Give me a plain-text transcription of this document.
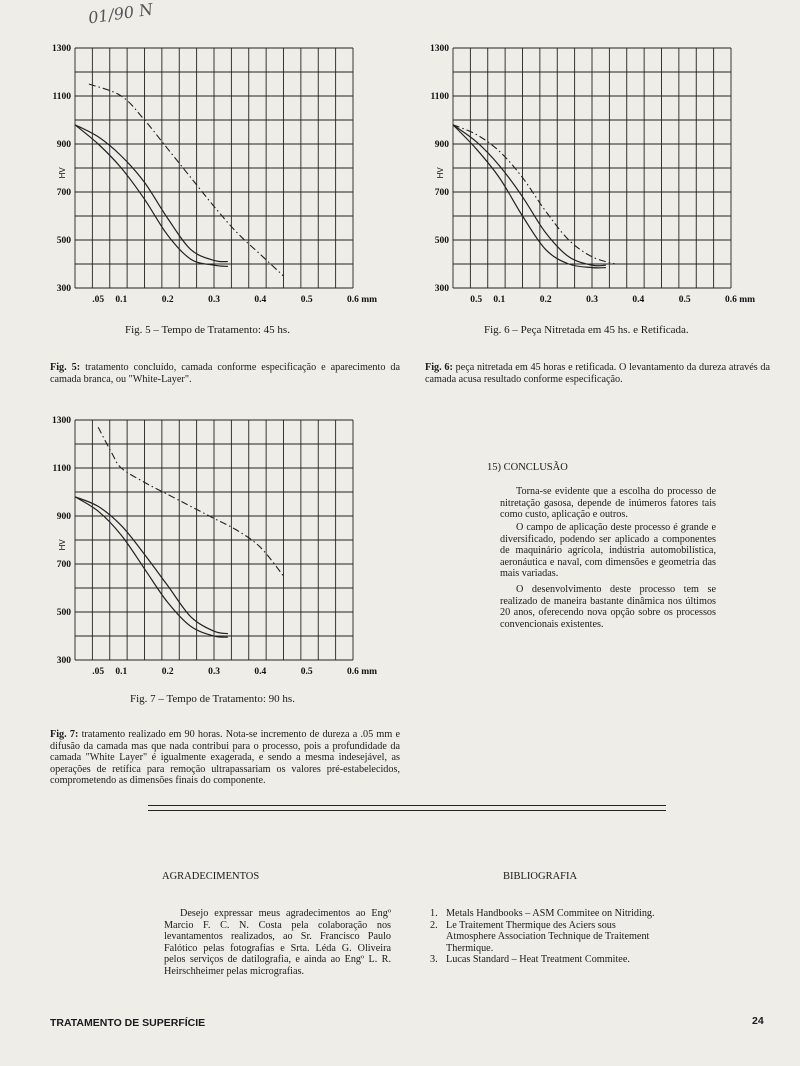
01/90 N
300
500
700
900
1100
1300
HV
.05 0.1	0.2	0.3	0.4	0.5	0.6 mm
Fig. 5 – Tempo de Tratamento: 45 hs.
300
500
700
900
1100
1300
HV
0.5 0.1	0.2	0.3	0.4	0.5	0.6 mm
Fig. 6 – Peça Nitretada em 45 hs. e Retificada.
Fig. 5: tratamento concluído, camada conforme especificação e aparecimento da camada branca, ou "White-Layer".
Fig. 6: peça nitretada em 45 horas e retificada. O levantamento da dureza através da camada acusa resultado conforme especificação.
300
500
700
900
1100
1300
HV
.05 0.1	0.2	0.3	0.4	0.5	0.6 mm
Fig. 7 – Tempo de Tratamento: 90 hs.
Fig. 7: tratamento realizado em 90 horas. Nota-se incremento de dureza a .05 mm e difusão da camada mas que nada contribui para o processo, pois a profundidade da camada "White Layer" é igualmente exagerada, e sendo a mesma indesejável, as operações de retífica para remoção ultrapassariam os valores pré-estabelecidos, comprometendo as dimensões finais do componente.
15) CONCLUSÃO
Torna-se evidente que a escolha do processo de nitretação gasosa, depende de inúmeros fatores tais como custo, aplicação e outros.
O campo de aplicação deste processo é grande e diversificado, podendo ser aplicado a componentes de maquinário agrícola, indústria automobilística, aeronáutica e naval, com dimensões e geometria das mais variadas.
O desenvolvimento deste processo tem se realizado de maneira bastante dinâmica nos últimos 20 anos, oferecendo nova opção sobre os processos convencionais existentes.
AGRADECIMENTOS
Desejo expressar meus agradecimentos ao Engº Marcio F. C. N. Costa pela colaboração nos levantamentos realizados, ao Sr. Francisco Paulo Falótico pelas fotografias e Srta. Léda G. Oliveira pelos serviços de datilografia, e ainda ao Engº L. R. Heirschheimer pelas micrografias.
BIBLIOGRAFIA
1. Metals Handbooks – ASM Commitee on Nitriding.
2. Le Traitement Thermique des Aciers sous Atmosphere Association Technique de Traitement Thermique.
3. Lucas Standard – Heat Treatment Commitee.
TRATAMENTO DE SUPERFÍCIE	24
